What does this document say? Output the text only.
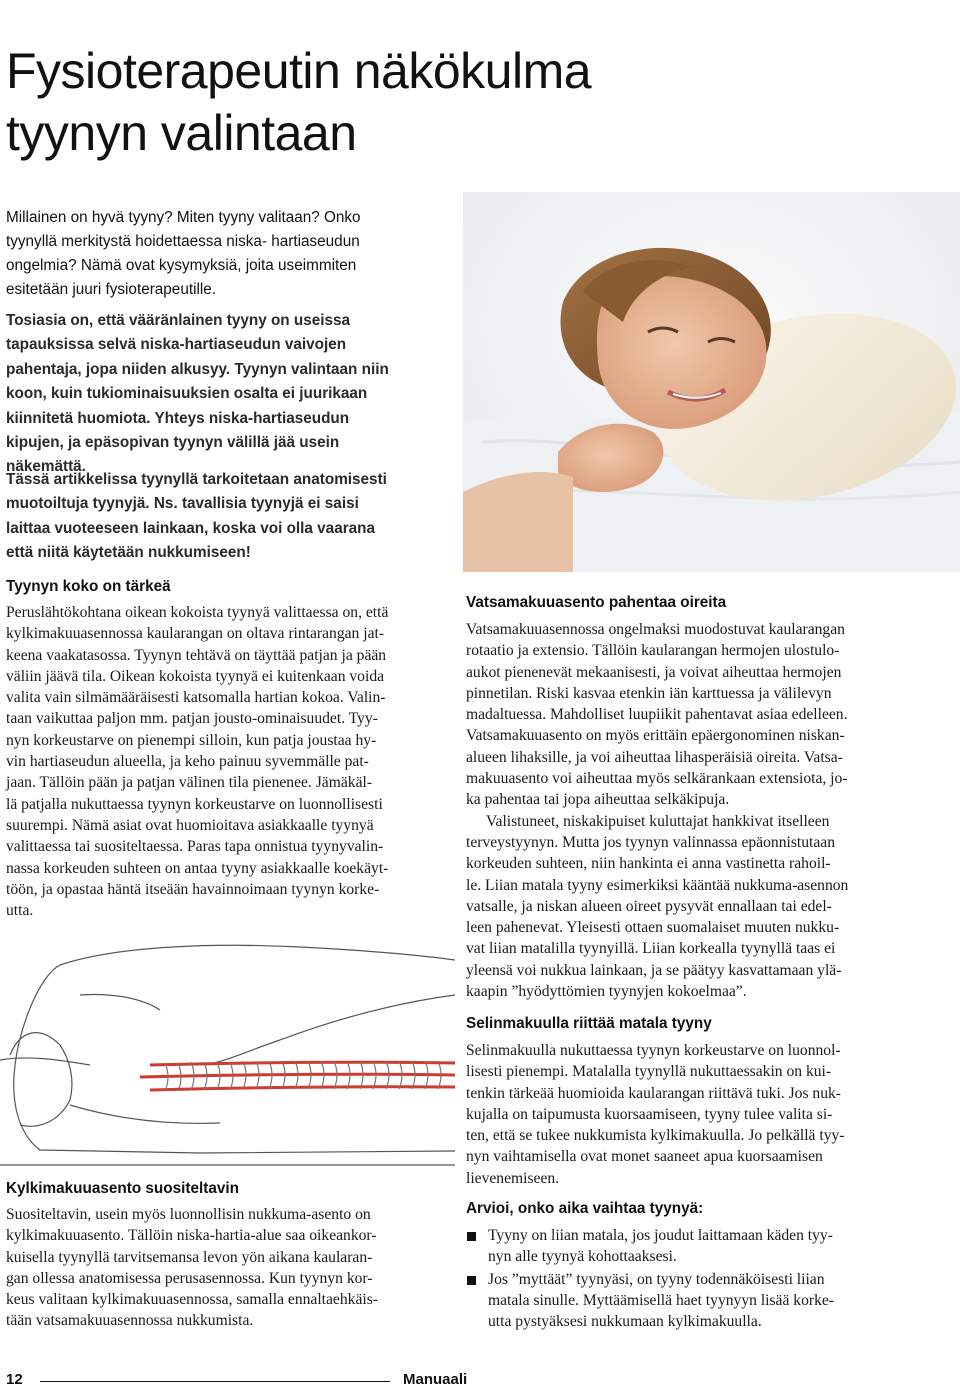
Fysioterapeutin näkökulma
tyynyn valintaan
Millainen on hyvä tyyny? Miten tyyny valitaan? Onko
tyynyllä merkitystä hoidettaessa niska- hartiaseudun
ongelmia? Nämä ovat kysymyksiä, joita useimmiten
esitetään juuri fysioterapeutille.
Tosiasia on, että vääränlainen tyyny on useissa
tapauksissa selvä niska-hartiaseudun vaivojen
pahentaja, jopa niiden alkusyy. Tyynyn valintaan niin
koon, kuin tukiominaisuuksien osalta ei juurikaan
kiinnitetä huomiota. Yhteys niska-hartiaseudun
kipujen, ja epäsopivan tyynyn välillä jää usein
näkemättä.
Tässä artikkelissa tyynyllä tarkoitetaan anatomisesti
muotoiltuja tyynyjä. Ns. tavallisia tyynyjä ei saisi
laittaa vuoteeseen lainkaan, koska voi olla vaarana
että niitä käytetään nukkumiseen!
Tyynyn koko on tärkeä
Peruslähtökohtana oikean kokoista tyynyä valittaessa on, että
kylkimakuuasennossa kaularangan on oltava rintarangan jat-
keena vaakatasossa. Tyynyn tehtävä on täyttää patjan ja pään
väliin jäävä tila. Oikean kokoista tyynyä ei kuitenkaan voida
valita vain silmämääräisesti katsomalla hartian kokoa. Valin-
taan vaikuttaa paljon mm. patjan jousto-ominaisuudet. Tyy-
nyn korkeustarve on pienempi silloin, kun patja joustaa hy-
vin hartiaseudun alueella, ja keho painuu syvemmälle pat-
jaan. Tällöin pään ja patjan välinen tila pienenee. Jämäkäl-
lä patjalla nukuttaessa tyynyn korkeustarve on luonnollisesti
suurempi. Nämä asiat ovat huomioitava asiakkaalle tyynyä
valittaessa tai suositeltaessa. Paras tapa onnistua tyynyvalin-
nassa korkeuden suhteen on antaa tyyny asiakkaalle koekäyt-
töön, ja opastaa häntä itseään havainnoimaan tyynyn korke-
utta.
Kylkimakuuasento suositeltavin
Suositeltavin, usein myös luonnollisin nukkuma-asento on
kylkimakuuasento. Tällöin niska-hartia-alue saa oikeankor-
kuisella tyynyllä tarvitsemansa levon yön aikana kaularan-
gan ollessa anatomisessa perusasennossa. Kun tyynyn kor-
keus valitaan kylkimakuuasennossa, samalla ennaltaehkäis-
tään vatsamakuuasennossa nukkumista.
Vatsamakuuasento pahentaa oireita
Vatsamakuuasennossa ongelmaksi muodostuvat kaularangan
rotaatio ja extensio. Tällöin kaularangan hermojen ulostulo-
aukot pienenevät mekaanisesti, ja voivat aiheuttaa hermojen
pinnetilan. Riski kasvaa etenkin iän karttuessa ja välilevyn
madaltuessa. Mahdolliset luupiikit pahentavat asiaa edelleen.
Vatsamakuuasento on myös erittäin epäergonominen niskan-
alueen lihaksille, ja voi aiheuttaa lihasperäisiä oireita. Vatsa-
makuuasento voi aiheuttaa myös selkärankaan extensiota, jo-
ka pahentaa tai jopa aiheuttaa selkäkipuja.
Valistuneet, niskakipuiset kuluttajat hankkivat itselleen
terveystyynyn. Mutta jos tyynyn valinnassa epäonnistutaan
korkeuden suhteen, niin hankinta ei anna vastinetta rahoil-
le. Liian matala tyyny esimerkiksi kääntää nukkuma-asennon
vatsalle, ja niskan alueen oireet pysyvät ennallaan tai edel-
leen pahenevat. Yleisesti ottaen suomalaiset muuten nukku-
vat liian matalilla tyynyillä. Liian korkealla tyynyllä taas ei
yleensä voi nukkua lainkaan, ja se päätyy kasvattamaan ylä-
kaapin ”hyödyttömien tyynyjen kokoelmaa”.
Selinmakuulla riittää matala tyyny
Selinmakuulla nukuttaessa tyynyn korkeustarve on luonnol-
lisesti pienempi. Matalalla tyynyllä nukuttaessakin on kui-
tenkin tärkeää huomioida kaularangan riittävä tuki. Jos nuk-
kujalla on taipumusta kuorsaamiseen, tyyny tulee valita si-
ten, että se tukee nukkumista kylkimakuulla. Jo pelkällä tyy-
nyn vaihtamisella ovat monet saaneet apua kuorsaamisen
lievenemiseen.
Arvioi, onko aika vaihtaa tyynyä:
Tyyny on liian matala, jos joudut laittamaan käden tyy-
nyn alle tyynyä kohottaaksesi.
Jos ”myttäät” tyynyäsi, on tyyny todennäköisesti liian
matala sinulle. Myttäämisellä haet tyynyyn lisää korke-
utta pystyäksesi nukkumaan kylkimakuulla.
12	Manuaali
